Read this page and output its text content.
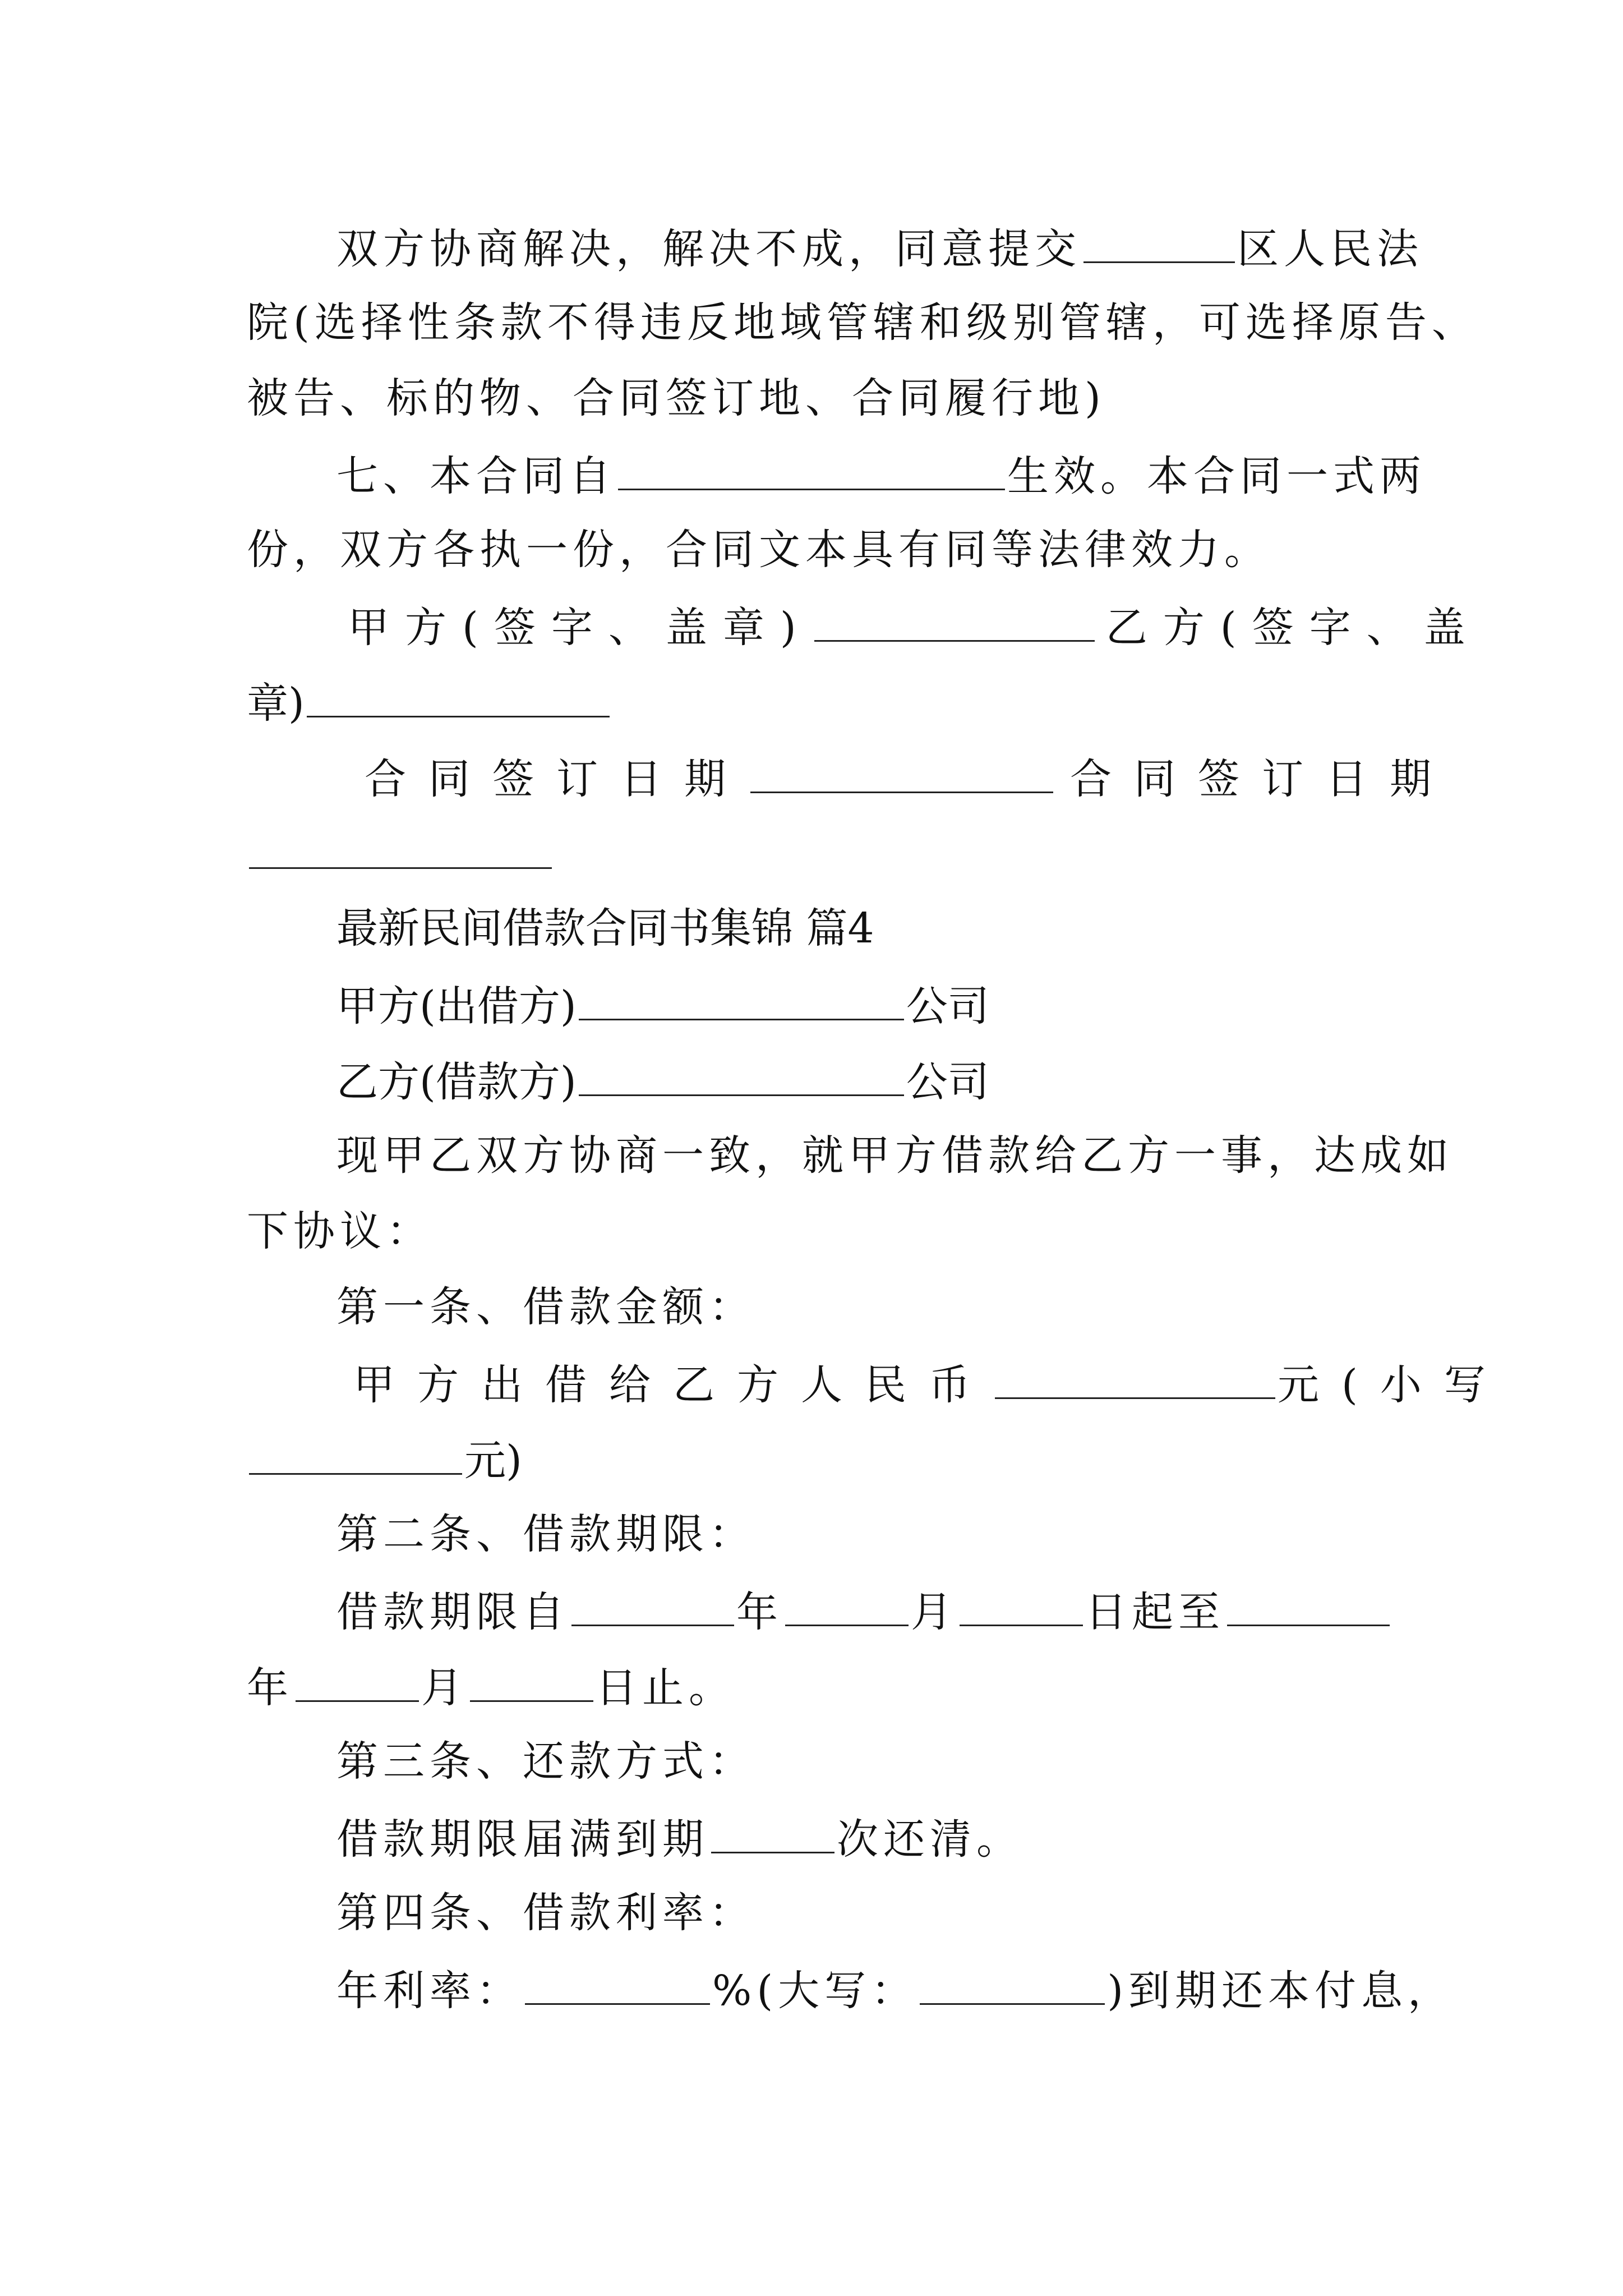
双方协商解决，解决不成，同意提交	区人民法
院(选择性条款不得违反地域管辖和级别管辖，可选择原告、
被告、标的物、合同签订地、合同履行地)
七、本合同自	生效。本合同一式两
份，双方各执一份，合同文本具有同等法律效力。
甲方(签字、盖章)	乙方(签字、盖
章)
合同签订日期	合同签订日期
最新民间借款合同书集锦 篇4
甲方(出借方)	公司
乙方(借款方)	公司
现甲乙双方协商一致，就甲方借款给乙方一事，达成如
下协议：
第一条、借款金额：
甲方出借给乙方人民币	元(小写
元)
第二条、借款期限：
借款期限自	年	月	日起至
年	月	日止。
第三条、还款方式：
借款期限届满到期	次还清。
第四条、借款利率：
年利率：	%(大写：	)到期还本付息，
